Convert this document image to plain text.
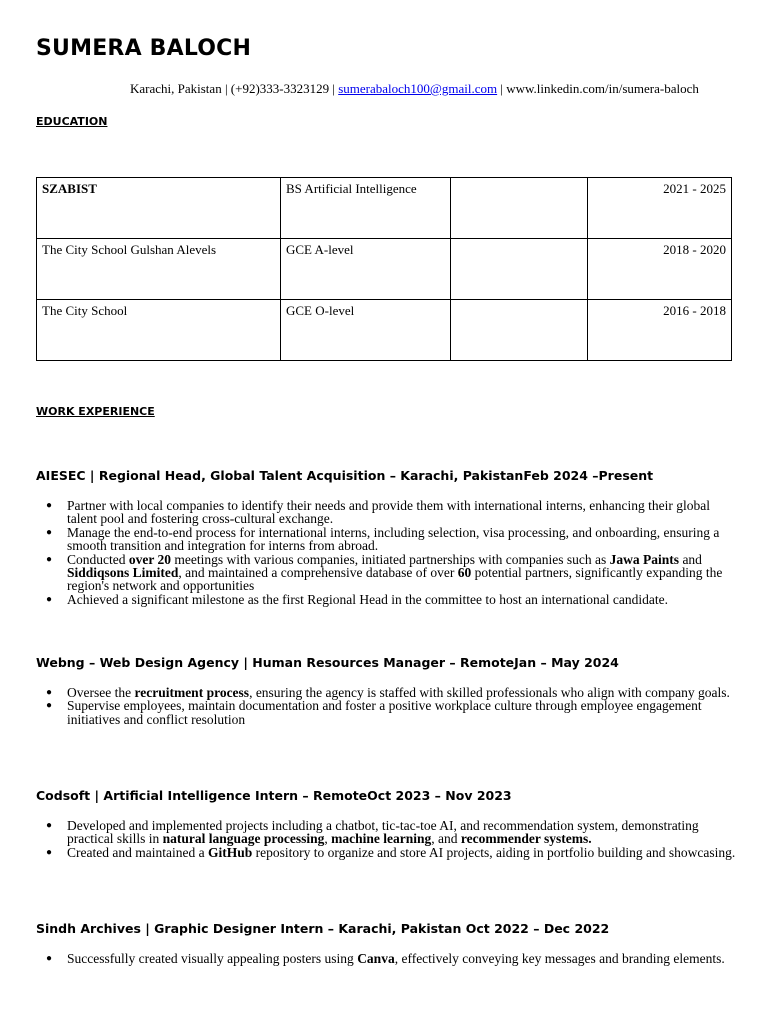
SUMERA BALOCH
Karachi, Pakistan | (+92)333-3323129 | sumerabaloch100@gmail.com | www.linkedin.com/in/sumera-baloch
EDUCATION
SZABIST	BS Artificial Intelligence		2021 - 2025
The City School Gulshan Alevels	GCE A-level		2018 - 2020
The City School	GCE O-level		2016 - 2018
WORK EXPERIENCE
AIESEC | Regional Head, Global Talent Acquisition – Karachi, PakistanFeb 2024 –Present
● Partner with local companies to identify their needs and provide them with international interns, enhancing their global talent pool and fostering cross-cultural exchange.
● Manage the end-to-end process for international interns, including selection, visa processing, and onboarding, ensuring a smooth transition and integration for interns from abroad.
● Conducted over 20 meetings with various companies, initiated partnerships with companies such as Jawa Paints and Siddiqsons Limited, and maintained a comprehensive database of over 60 potential partners, significantly expanding the region's network and opportunities
● Achieved a significant milestone as the first Regional Head in the committee to host an international candidate.
Webng – Web Design Agency | Human Resources Manager – RemoteJan – May 2024
● Oversee the recruitment process, ensuring the agency is staffed with skilled professionals who align with company goals.
● Supervise employees, maintain documentation and foster a positive workplace culture through employee engagement initiatives and conflict resolution
Codsoft | Artificial Intelligence Intern – RemoteOct 2023 – Nov 2023
● Developed and implemented projects including a chatbot, tic-tac-toe AI, and recommendation system, demonstrating practical skills in natural language processing, machine learning, and recommender systems.
● Created and maintained a GitHub repository to organize and store AI projects, aiding in portfolio building and showcasing.
Sindh Archives | Graphic Designer Intern – Karachi, Pakistan Oct 2022 – Dec 2022
● Successfully created visually appealing posters using Canva, effectively conveying key messages and branding elements.
